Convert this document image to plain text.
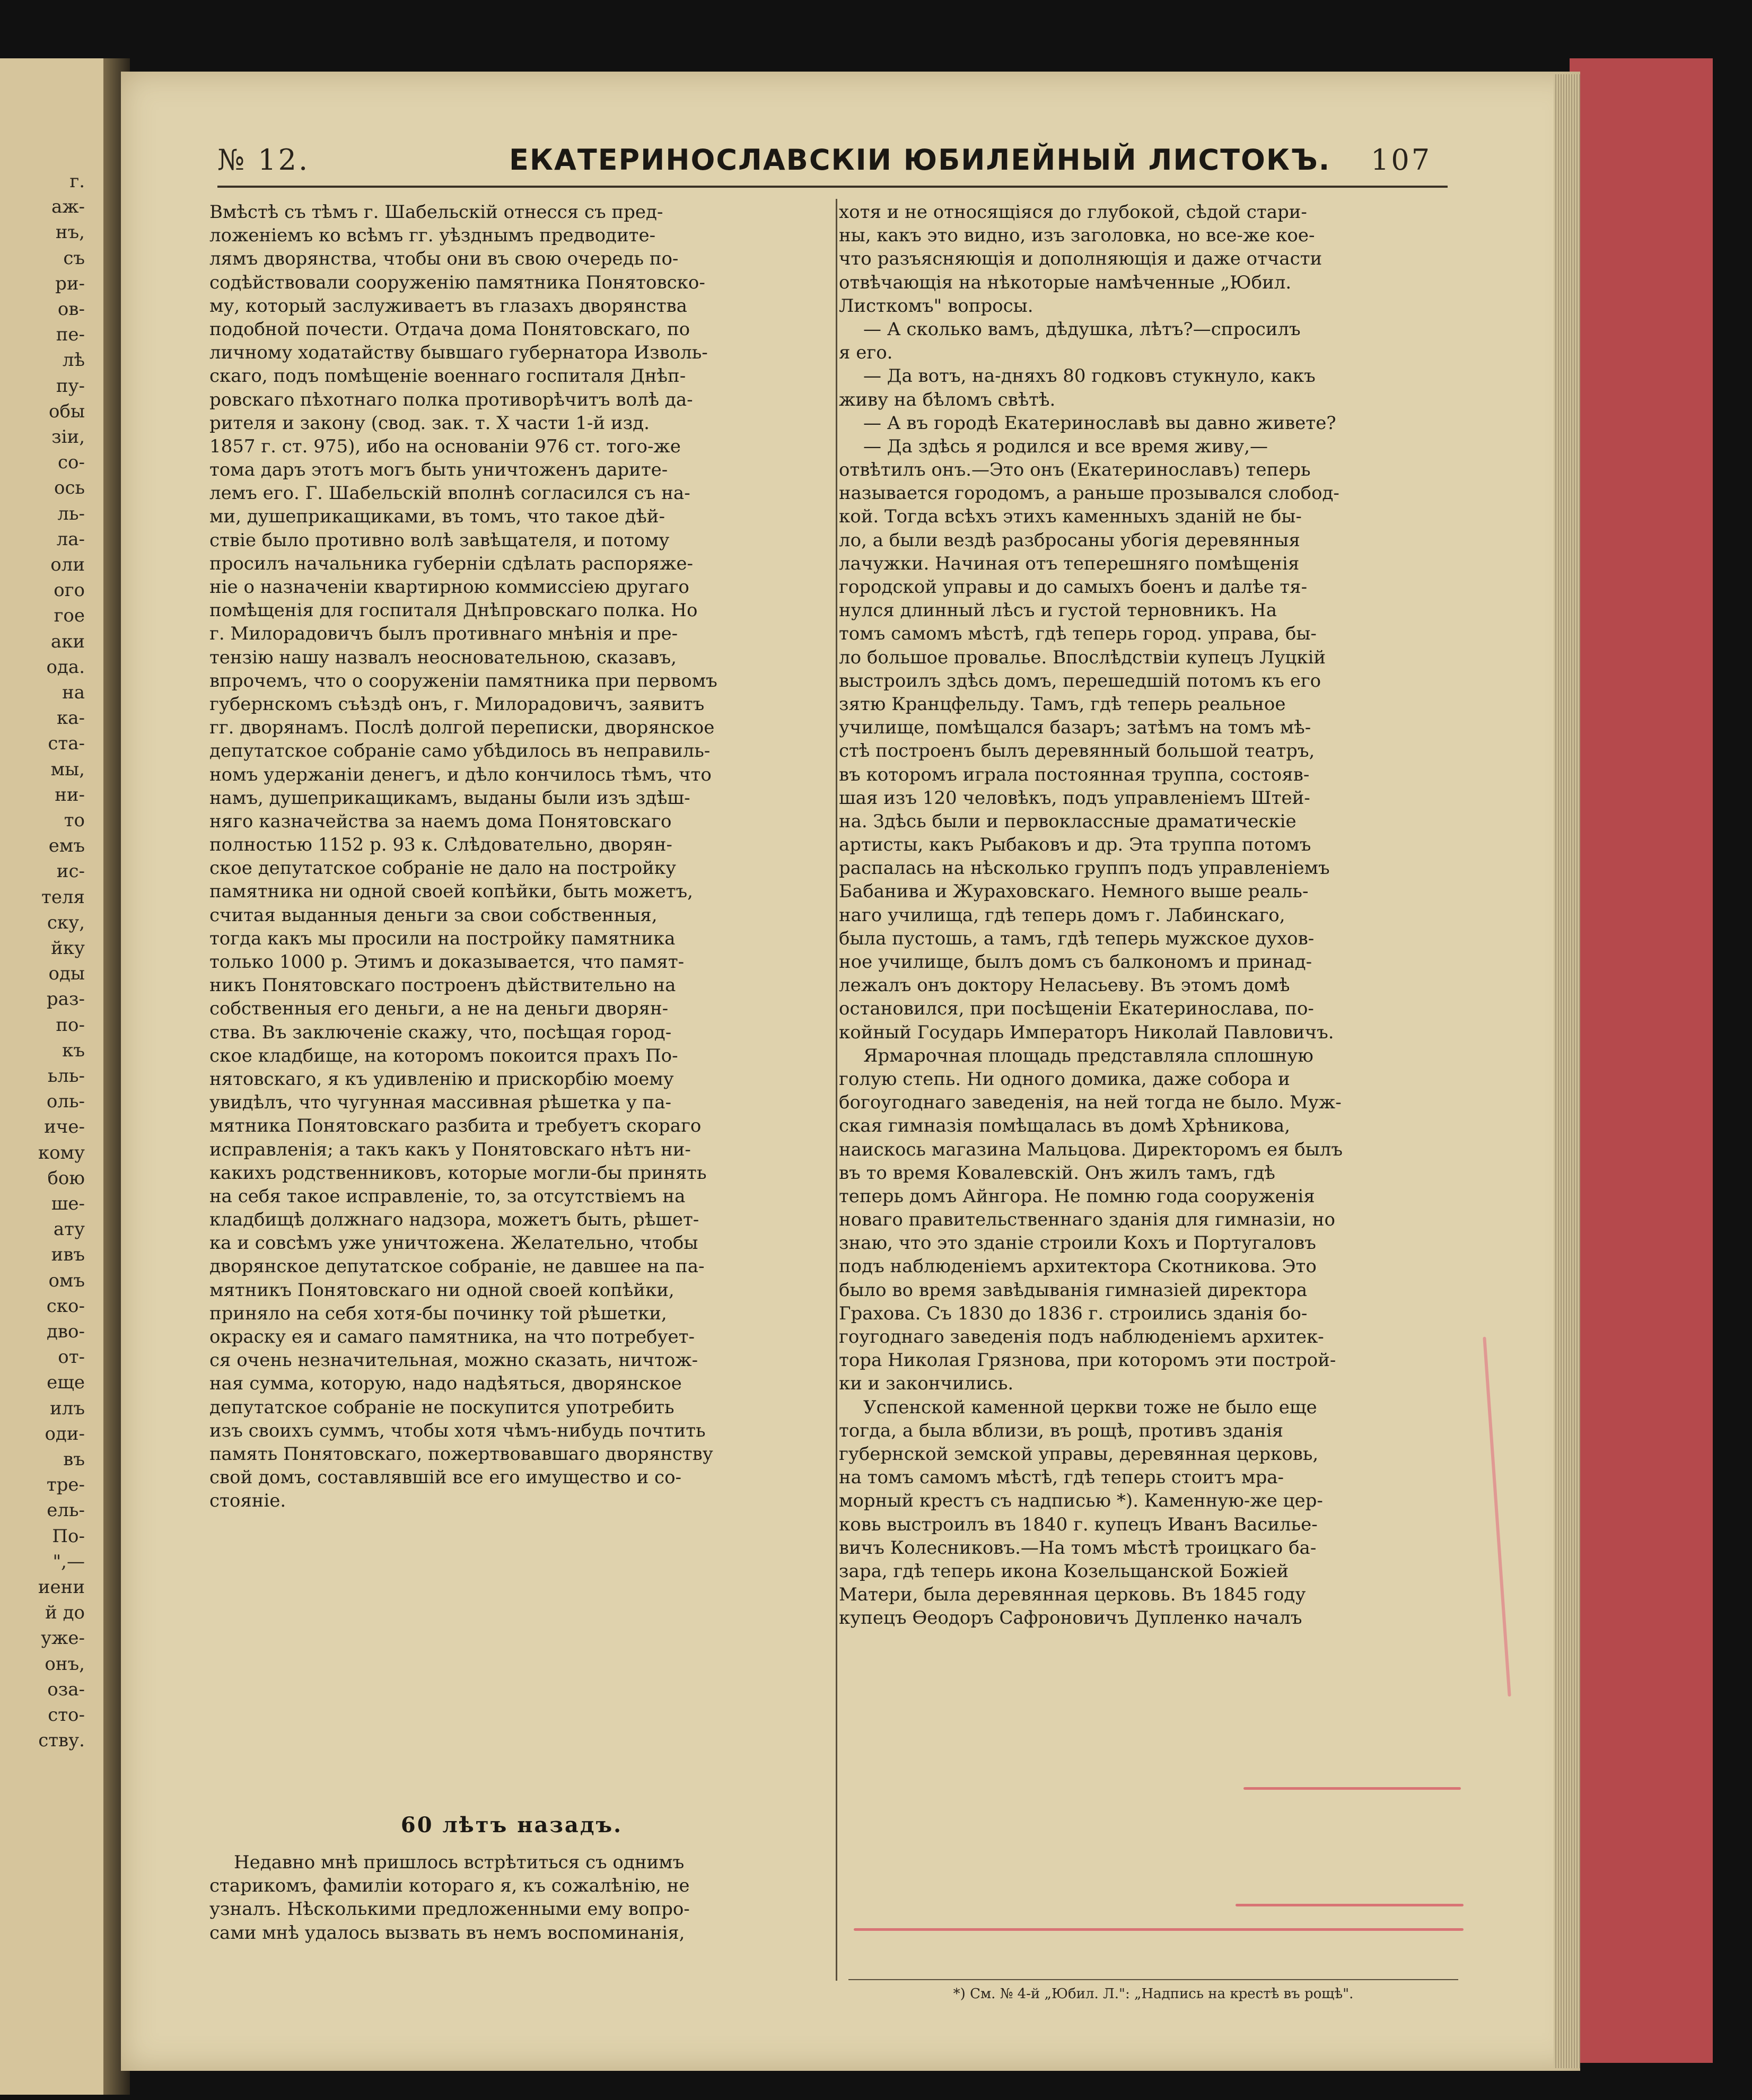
г.
аж-
нъ,
съ
ри-
ов-
пе-
лѣ
пу-
обы
зіи,
со-
ось
ль-
ла-
оли
ого
гое
аки
ода.
на
ка-
ста-
мы,
ни-
то
емъ
ис-
теля
ску,
йку
оды
раз-
по-
къ
ьль-
оль-
иче-
кому
бою
ше-
ату
ивъ
омъ
ско-
дво-
от-
еще
илъ
оди-
въ
тре-
ель-
По-
",—
иени
й до
уже-
онъ,
оза-
сто-
ству.
№ 12.	ЕКАТЕРИНОСЛАВСКІИ ЮБИЛЕЙНЫЙ ЛИСТОКЪ. 107
Вмѣстѣ съ тѣмъ г. Шабельскій отнесся съ пред-
ложеніемъ ко всѣмъ гг. уѣзднымъ предводите-
лямъ дворянства, чтобы они въ свою очередь по-
содѣйствовали сооруженію памятника Понятовско-
му, который заслуживаетъ въ глазахъ дворянства
подобной почести. Отдача дома Понятовскаго, по
личному ходатайству бывшаго губернатора Изволь-
скаго, подъ помѣщеніе военнаго госпиталя Днѣп-
ровскаго пѣхотнаго полка противорѣчитъ волѣ да-
рителя и закону (свод. зак. т. X части 1-й изд.
1857 г. ст. 975), ибо на основаніи 976 ст. того-же
тома даръ этотъ могъ быть уничтоженъ дарите-
лемъ его. Г. Шабельскій вполнѣ согласился съ на-
ми, душеприкащиками, въ томъ, что такое дѣй-
ствіе было противно волѣ завѣщателя, и потому
просилъ начальника губерніи сдѣлать распоряже-
ніе о назначеніи квартирною коммиссіею другаго
помѣщенія для госпиталя Днѣпровскаго полка. Но
г. Милорадовичъ былъ противнаго мнѣнія и пре-
тензію нашу назвалъ неосновательною, сказавъ,
впрочемъ, что о сооруженіи памятника при первомъ
губернскомъ съѣздѣ онъ, г. Милорадовичъ, заявитъ
гг. дворянамъ. Послѣ долгой переписки, дворянское
депутатское собраніе само убѣдилось въ неправиль-
номъ удержаніи денегъ, и дѣло кончилось тѣмъ, что
намъ, душеприкащикамъ, выданы были изъ здѣш-
няго казначейства за наемъ дома Понятовскаго
полностью 1152 р. 93 к. Слѣдовательно, дворян-
ское депутатское собраніе не дало на постройку
памятника ни одной своей копѣйки, быть можетъ,
считая выданныя деньги за свои собственныя,
тогда какъ мы просили на постройку памятника
только 1000 р. Этимъ и доказывается, что памят-
никъ Понятовскаго построенъ дѣйствительно на
собственныя его деньги, а не на деньги дворян-
ства. Въ заключеніе скажу, что, посѣщая город-
ское кладбище, на которомъ покоится прахъ По-
нятовскаго, я къ удивленію и прискорбію моему
увидѣлъ, что чугунная массивная рѣшетка у па-
мятника Понятовскаго разбита и требуетъ скораго
исправленія; а такъ какъ у Понятовскаго нѣтъ ни-
какихъ родственниковъ, которые могли-бы принять
на себя такое исправленіе, то, за отсутствіемъ на
кладбищѣ должнаго надзора, можетъ быть, рѣшет-
ка и совсѣмъ уже уничтожена. Желательно, чтобы
дворянское депутатское собраніе, не давшее на па-
мятникъ Понятовскаго ни одной своей копѣйки,
приняло на себя хотя-бы починку той рѣшетки,
окраску ея и самаго памятника, на что потребует-
ся очень незначительная, можно сказать, ничтож-
ная сумма, которую, надо надѣяться, дворянское
депутатское собраніе не поскупится употребить
изъ своихъ суммъ, чтобы хотя чѣмъ-нибудь почтить
память Понятовскаго, пожертвовавшаго дворянству
свой домъ, составлявшій все его имущество и со-
стояніе.
60 лѣтъ назадъ.
Недавно мнѣ пришлось встрѣтиться съ однимъ
старикомъ, фамиліи котораго я, къ сожалѣнію, не
узналъ. Нѣсколькими предложенными ему вопро-
сами мнѣ удалось вызвать въ немъ воспоминанія,
хотя и не относящіяся до глубокой, сѣдой стари-
ны, какъ это видно, изъ заголовка, но все-же кое-
что разъясняющія и дополняющія и даже отчасти
отвѣчающія на нѣкоторые намѣченные „Юбил.
Листкомъ" вопросы.
— А сколько вамъ, дѣдушка, лѣтъ?—спросилъ
я его.
— Да вотъ, на-дняхъ 80 годковъ стукнуло, какъ
живу на бѣломъ свѣтѣ.
— А въ городѣ Екатеринославѣ вы давно живете?
— Да здѣсь я родился и все время живу,—
отвѣтилъ онъ.—Это онъ (Екатеринославъ) теперь
называется городомъ, а раньше прозывался слобод-
кой. Тогда всѣхъ этихъ каменныхъ зданій не бы-
ло, а были вездѣ разбросаны убогія деревянныя
лачужки. Начиная отъ теперешняго помѣщенія
городской управы и до самыхъ боенъ и далѣе тя-
нулся длинный лѣсъ и густой терновникъ. На
томъ самомъ мѣстѣ, гдѣ теперь город. управа, бы-
ло большое провалье. Впослѣдствіи купецъ Луцкій
выстроилъ здѣсь домъ, перешедшій потомъ къ его
зятю Кранцфельду. Тамъ, гдѣ теперь реальное
училище, помѣщался базаръ; затѣмъ на томъ мѣ-
стѣ построенъ былъ деревянный большой театръ,
въ которомъ играла постоянная труппа, состояв-
шая изъ 120 человѣкъ, подъ управленіемъ Штей-
на. Здѣсь были и первоклассные драматическіе
артисты, какъ Рыбаковъ и др. Эта труппа потомъ
распалась на нѣсколько группъ подъ управленіемъ
Бабанива и Жураховскаго. Немного выше реаль-
наго училища, гдѣ теперь домъ г. Лабинскаго,
была пустошь, а тамъ, гдѣ теперь мужское духов-
ное училище, былъ домъ съ балкономъ и принад-
лежалъ онъ доктору Неласьеву. Въ этомъ домѣ
остановился, при посѣщеніи Екатеринослава, по-
койный Государь Императоръ Николай Павловичъ.
Ярмарочная площадь представляла сплошную
голую степь. Ни одного домика, даже собора и
богоугоднаго заведенія, на ней тогда не было. Муж-
ская гимназія помѣщалась въ домѣ Хрѣникова,
наискось магазина Мальцова. Директоромъ ея былъ
въ то время Ковалевскій. Онъ жилъ тамъ, гдѣ
теперь домъ Айнгора. Не помню года сооруженія
новаго правительственнаго зданія для гимназіи, но
знаю, что это зданіе строили Кохъ и Португаловъ
подъ наблюденіемъ архитектора Скотникова. Это
было во время завѣдыванія гимназіей директора
Грахова. Съ 1830 до 1836 г. строились зданія бо-
гоугоднаго заведенія подъ наблюденіемъ архитек-
тора Николая Грязнова, при которомъ эти построй-
ки и закончились.
Успенской каменной церкви тоже не было еще
тогда, а была вблизи, въ рощѣ, противъ зданія
губернской земской управы, деревянная церковь,
на томъ самомъ мѣстѣ, гдѣ теперь стоитъ мра-
морный крестъ съ надписью *). Каменную-же цер-
ковь выстроилъ въ 1840 г. купецъ Иванъ Василье-
вичъ Колесниковъ.—На томъ мѣстѣ троицкаго ба-
зара, гдѣ теперь икона Козельщанской Божіей
Матери, была деревянная церковь. Въ 1845 году
купецъ Ѳеодоръ Сафроновичъ Дупленко началъ
*) См. № 4-й „Юбил. Л.": „Надпись на крестѣ въ рощѣ".
